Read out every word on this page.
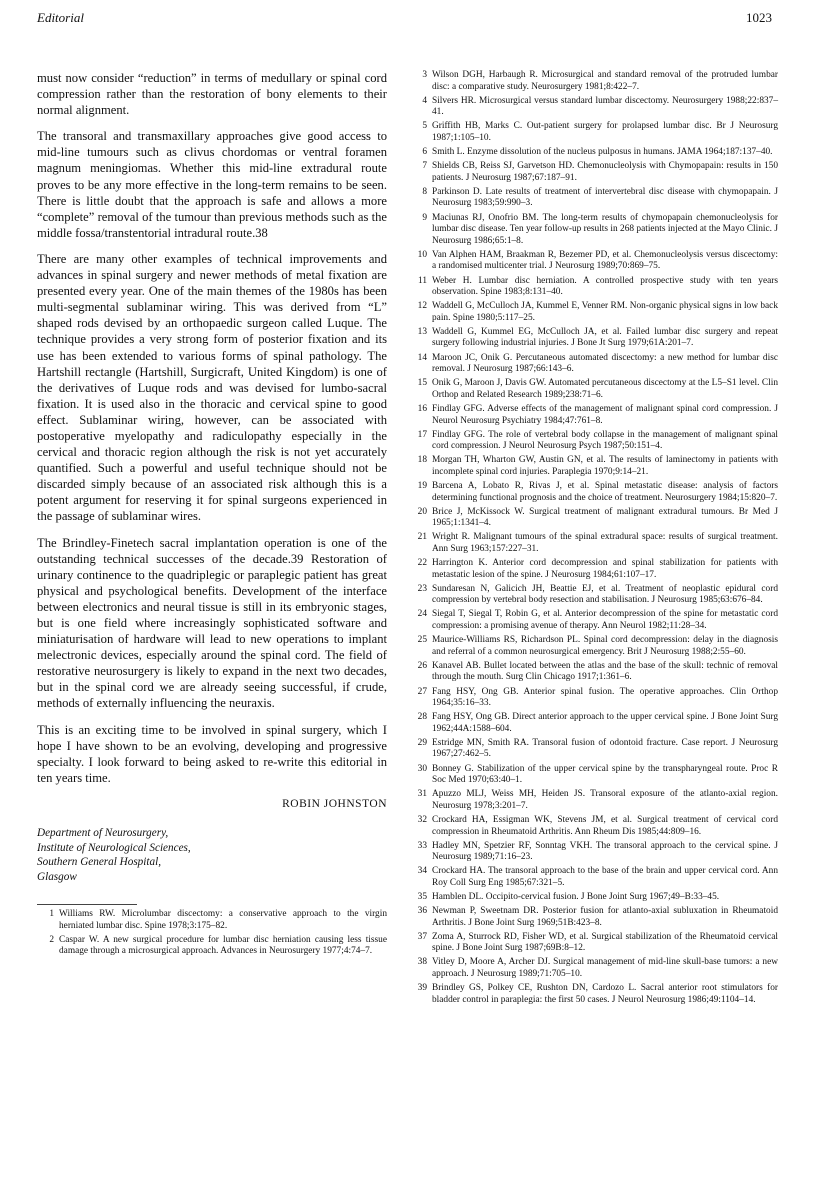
Editorial	1023

must now consider “reduction” in terms of medullary or spinal cord compression rather than the restoration of bony elements to their normal alignment.

The transoral and transmaxillary approaches give good access to mid-line tumours such as clivus chordomas or ventral foramen magnum meningiomas. Whether this mid-line extradural route proves to be any more effective in the long-term remains to be seen. There is little doubt that the approach is safe and allows a more “complete” removal of the tumour than previous methods such as the middle fossa/transtentorial intradural route.38

There are many other examples of technical improvements and advances in spinal surgery and newer methods of metal fixation are presented every year. One of the main themes of the 1980s has been multi-segmental sublaminar wiring. This was derived from “L” shaped rods devised by an orthopaedic surgeon called Luque. The technique provides a very strong form of posterior fixation and its use has been extended to various forms of spinal pathology. The Hartshill rectangle (Hartshill, Surgicraft, United Kingdom) is one of the derivatives of Luque rods and was devised for lumbo-sacral fixation. It is used also in the thoracic and cervical spine to good effect. Sublaminar wiring, however, can be associated with postoperative myelopathy and radiculopathy especially in the cervical and thoracic region although the risk is not yet accurately quantified. Such a powerful and useful technique should not be discarded simply because of an associated risk although this is a potent argument for reserving it for spinal surgeons experienced in the passage of sublaminar wires.

The Brindley-Finetech sacral implantation operation is one of the outstanding technical successes of the decade.39 Restoration of urinary continence to the quadriplegic or paraplegic patient has great physical and psychological benefits. Development of the interface between electronics and neural tissue is still in its embryonic stages, but is one field where increasingly sophisticated software and miniaturisation of hardware will lead to new operations to implant melectronic devices, especially around the spinal cord. The field of restorative neurosurgery is likely to expand in the next two decades, but in the spinal cord we are already seeing successful, if crude, methods of externally influencing the neuraxis.

This is an exciting time to be involved in spinal surgery, which I hope I have shown to be an evolving, developing and progressive specialty. I look forward to being asked to re-write this editorial in ten years time.

ROBIN JOHNSTON
Department of Neurosurgery,
Institute of Neurological Sciences,
Southern General Hospital,
Glasgow
1 Williams RW. Microlumbar discectomy: a conservative approach to the virgin herniated lumbar disc. Spine 1978;3:175–82.
2 Caspar W. A new surgical procedure for lumbar disc herniation causing less tissue damage through a microsurgical approach. Advances in Neurosurgery 1977;4:74–7.
3 Wilson DGH, Harbaugh R. Microsurgical and standard removal of the protruded lumbar disc: a comparative study. Neurosurgery 1981;8:422–7.
4 Silvers HR. Microsurgical versus standard lumbar discectomy. Neurosurgery 1988;22:837–41.
5 Griffith HB, Marks C. Out-patient surgery for prolapsed lumbar disc. Br J Neurosurg 1987;1:105–10.
6 Smith L. Enzyme dissolution of the nucleus pulposus in humans. JAMA 1964;187:137–40.
7 Shields CB, Reiss SJ, Garvetson HD. Chemonucleolysis with Chymopapain: results in 150 patients. J Neurosurg 1987;67:187–91.
8 Parkinson D. Late results of treatment of intervertebral disc disease with chymopapain. J Neurosurg 1983;59:990–3.
9 Maciunas RJ, Onofrio BM. The long-term results of chymopapain chemonucleolysis for lumbar disc disease. Ten year follow-up results in 268 patients injected at the Mayo Clinic. J Neurosurg 1986;65:1–8.
10 Van Alphen HAM, Braakman R, Bezemer PD, et al. Chemonucleolysis versus discectomy: a randomised multicenter trial. J Neurosurg 1989;70:869–75.
11 Weber H. Lumbar disc herniation. A controlled prospective study with ten years observation. Spine 1983;8:131–40.
12 Waddell G, McCulloch JA, Kummel E, Venner RM. Non-organic physical signs in low back pain. Spine 1980;5:117–25.
13 Waddell G, Kummel EG, McCulloch JA, et al. Failed lumbar disc surgery and repeat surgery following industrial injuries. J Bone Jt Surg 1979;61A:201–7.
14 Maroon JC, Onik G. Percutaneous automated discectomy: a new method for lumbar disc removal. J Neurosurg 1987;66:143–6.
15 Onik G, Maroon J, Davis GW. Automated percutaneous discectomy at the L5–S1 level. Clin Orthop and Related Research 1989;238:71–6.
16 Findlay GFG. Adverse effects of the management of malignant spinal cord compression. J Neurol Neurosurg Psychiatry 1984;47:761–8.
17 Findlay GFG. The role of vertebral body collapse in the management of malignant spinal cord compression. J Neurol Neurosurg Psych 1987;50:151–4.
18 Morgan TH, Wharton GW, Austin GN, et al. The results of laminectomy in patients with incomplete spinal cord injuries. Paraplegia 1970;9:14–21.
19 Barcena A, Lobato R, Rivas J, et al. Spinal metastatic disease: analysis of factors determining functional prognosis and the choice of treatment. Neurosurgery 1984;15:820–7.
20 Brice J, McKissock W. Surgical treatment of malignant extradural tumours. Br Med J 1965;1:1341–4.
21 Wright R. Malignant tumours of the spinal extradural space: results of surgical treatment. Ann Surg 1963;157:227–31.
22 Harrington K. Anterior cord decompression and spinal stabilization for patients with metastatic lesion of the spine. J Neurosurg 1984;61:107–17.
23 Sundaresan N, Galicich JH, Beattie EJ, et al. Treatment of neoplastic epidural cord compression by vertebral body resection and stabilisation. J Neurosurg 1985;63:676–84.
24 Siegal T, Siegal T, Robin G, et al. Anterior decompression of the spine for metastatic cord compression: a promising avenue of therapy. Ann Neurol 1982;11:28–34.
25 Maurice-Williams RS, Richardson PL. Spinal cord decompression: delay in the diagnosis and referral of a common neurosurgical emergency. Brit J Neurosurg 1988;2:55–60.
26 Kanavel AB. Bullet located between the atlas and the base of the skull: technic of removal through the mouth. Surg Clin Chicago 1917;1:361–6.
27 Fang HSY, Ong GB. Anterior spinal fusion. The operative approaches. Clin Orthop 1964;35:16–33.
28 Fang HSY, Ong GB. Direct anterior approach to the upper cervical spine. J Bone Joint Surg 1962;44A:1588–604.
29 Estridge MN, Smith RA. Transoral fusion of odontoid fracture. Case report. J Neurosurg 1967;27:462–5.
30 Bonney G. Stabilization of the upper cervical spine by the transpharyngeal route. Proc R Soc Med 1970;63:40–1.
31 Apuzzo MLJ, Weiss MH, Heiden JS. Transoral exposure of the atlanto-axial region. Neurosurg 1978;3:201–7.
32 Crockard HA, Essigman WK, Stevens JM, et al. Surgical treatment of cervical cord compression in Rheumatoid Arthritis. Ann Rheum Dis 1985;44:809–16.
33 Hadley MN, Spetzier RF, Sonntag VKH. The transoral approach to the cervical spine. J Neurosurg 1989;71:16–23.
34 Crockard HA. The transoral approach to the base of the brain and upper cervical cord. Ann Roy Coll Surg Eng 1985;67:321–5.
35 Hamblen DL. Occipito-cervical fusion. J Bone Joint Surg 1967;49–B:33–45.
36 Newman P, Sweetnam DR. Posterior fusion for atlanto-axial subluxation in Rheumatoid Arthritis. J Bone Joint Surg 1969;51B:423–8.
37 Zoma A, Sturrock RD, Fisher WD, et al. Surgical stabilization of the Rheumatoid cervical spine. J Bone Joint Surg 1987;69B:8–12.
38 Vitley D, Moore A, Archer DJ. Surgical management of mid-line skull-base tumors: a new approach. J Neurosurg 1989;71:705–10.
39 Brindley GS, Polkey CE, Rushton DN, Cardozo L. Sacral anterior root stimulators for bladder control in paraplegia: the first 50 cases. J Neurol Neurosurg 1986;49:1104–14.
